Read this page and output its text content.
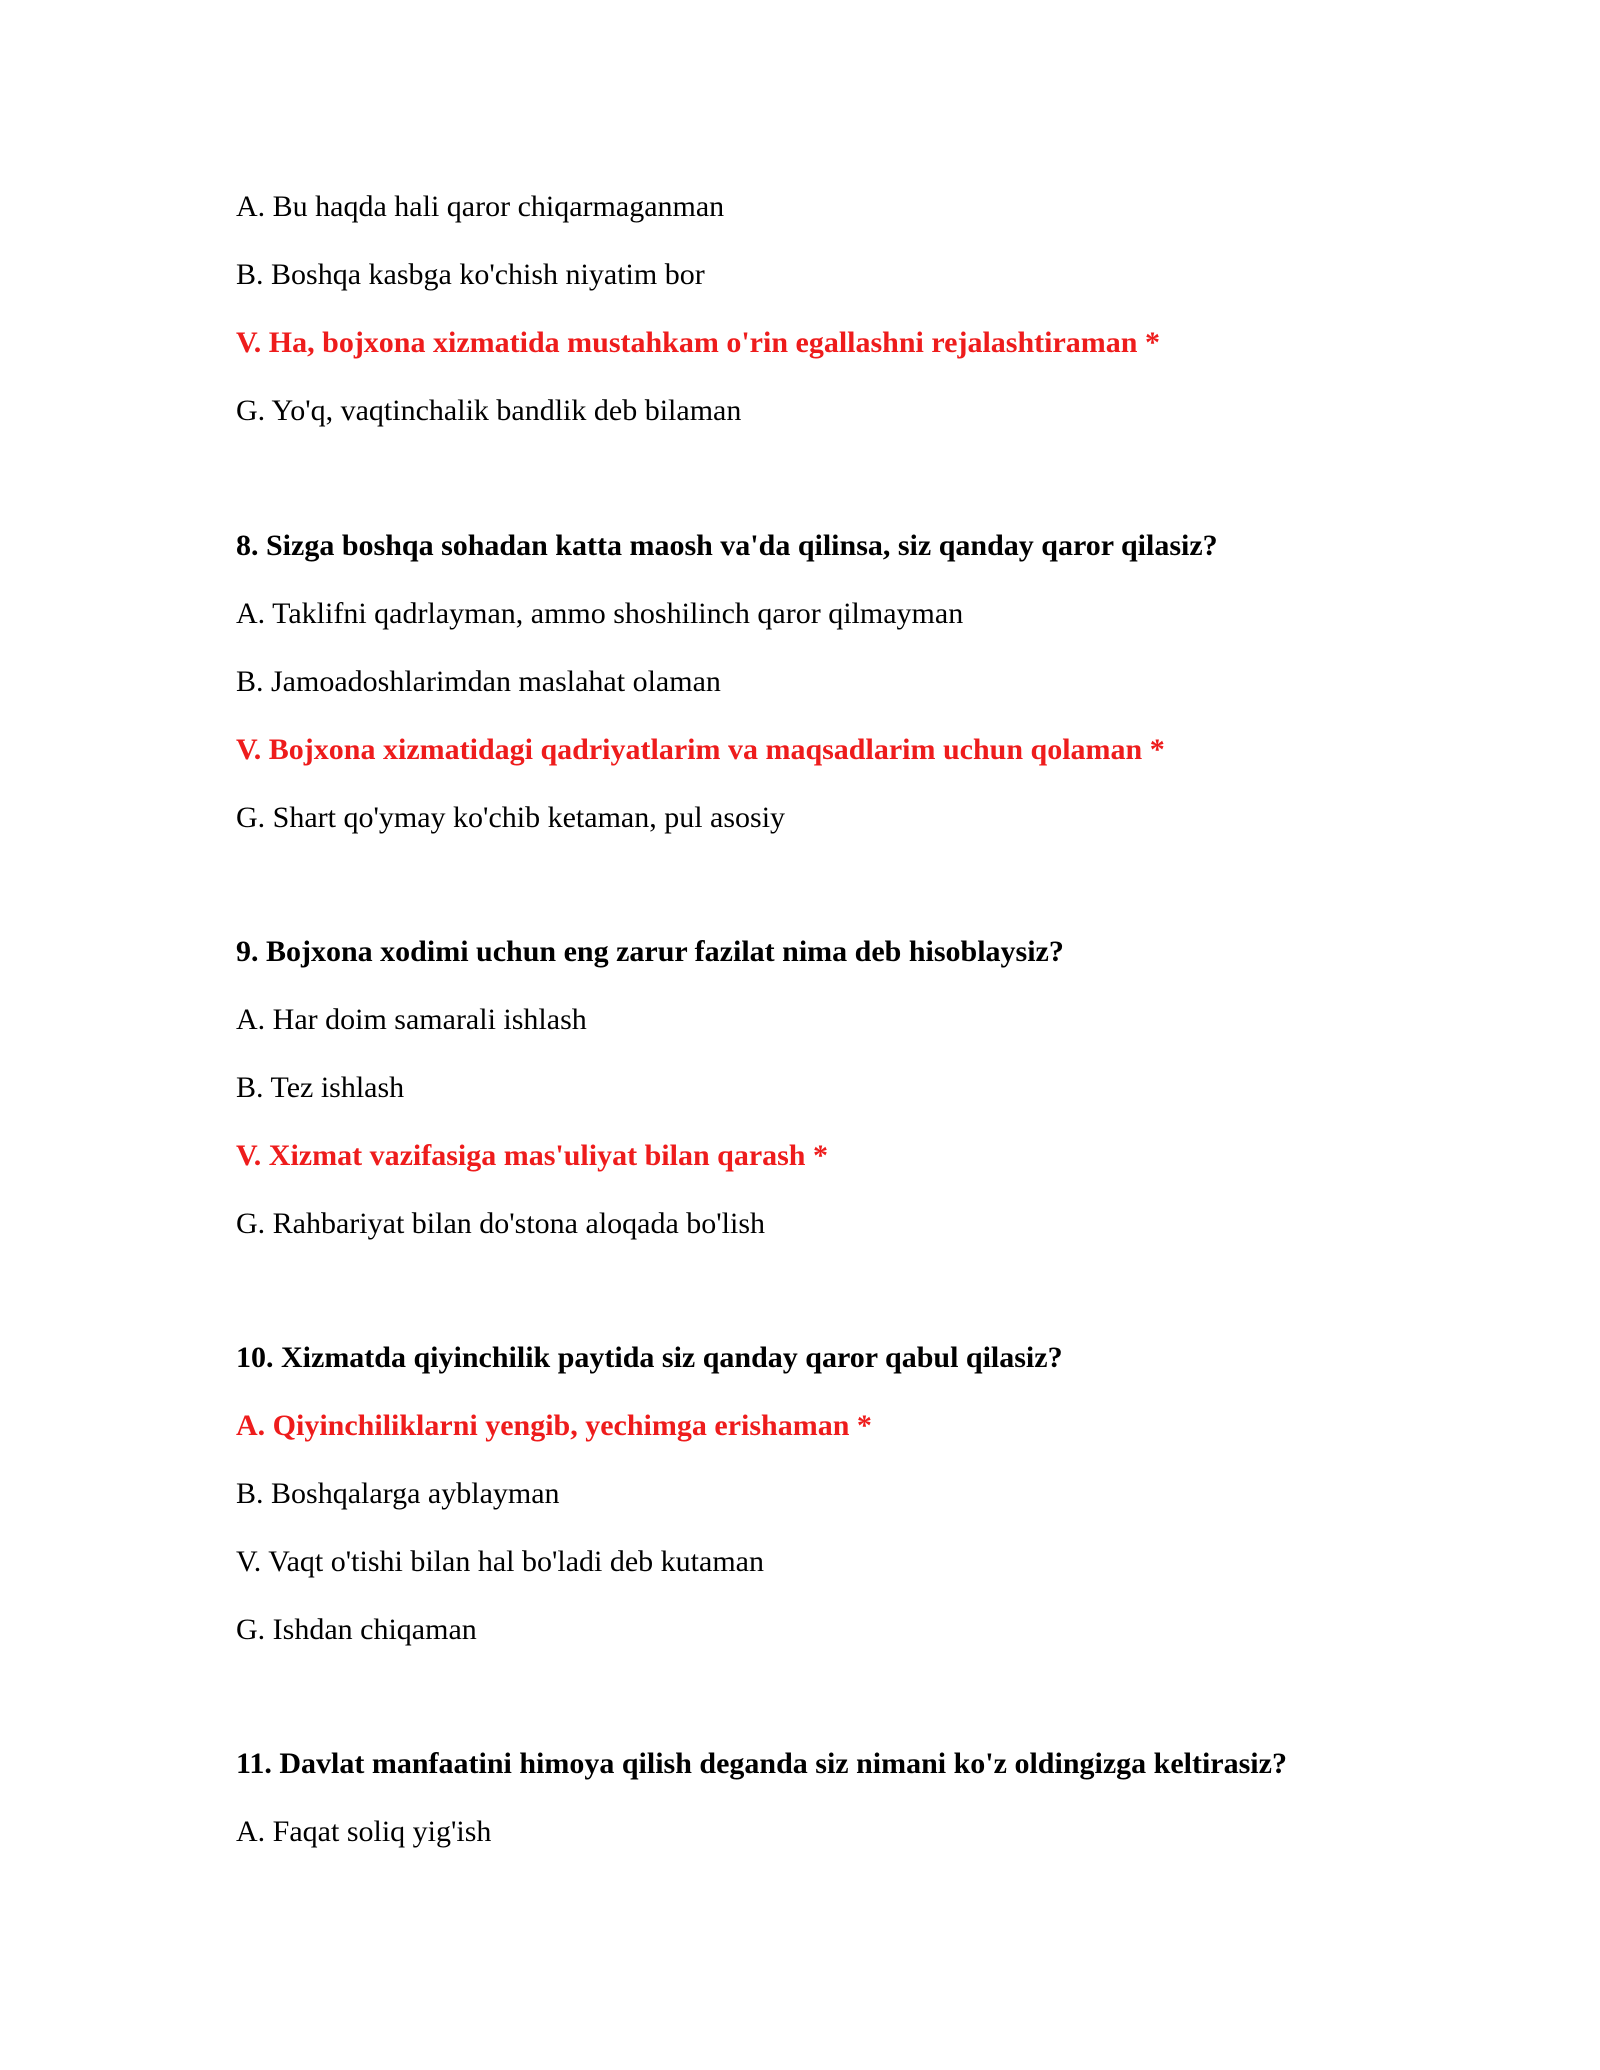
A. Bu haqda hali qaror chiqarmaganman
B. Boshqa kasbga ko'chish niyatim bor
V. Ha, bojxona xizmatida mustahkam o'rin egallashni rejalashtiraman *
G. Yo'q, vaqtinchalik bandlik deb bilaman
8. Sizga boshqa sohadan katta maosh va'da qilinsa, siz qanday qaror qilasiz?
A. Taklifni qadrlayman, ammo shoshilinch qaror qilmayman
B. Jamoadoshlarimdan maslahat olaman
V. Bojxona xizmatidagi qadriyatlarim va maqsadlarim uchun qolaman *
G. Shart qo'ymay ko'chib ketaman, pul asosiy
9. Bojxona xodimi uchun eng zarur fazilat nima deb hisoblaysiz?
A. Har doim samarali ishlash
B. Tez ishlash
V. Xizmat vazifasiga mas'uliyat bilan qarash *
G. Rahbariyat bilan do'stona aloqada bo'lish
10. Xizmatda qiyinchilik paytida siz qanday qaror qabul qilasiz?
A. Qiyinchiliklarni yengib, yechimga erishaman *
B. Boshqalarga ayblayman
V. Vaqt o'tishi bilan hal bo'ladi deb kutaman
G. Ishdan chiqaman
11. Davlat manfaatini himoya qilish deganda siz nimani ko'z oldingizga keltirasiz?
A. Faqat soliq yig'ish
